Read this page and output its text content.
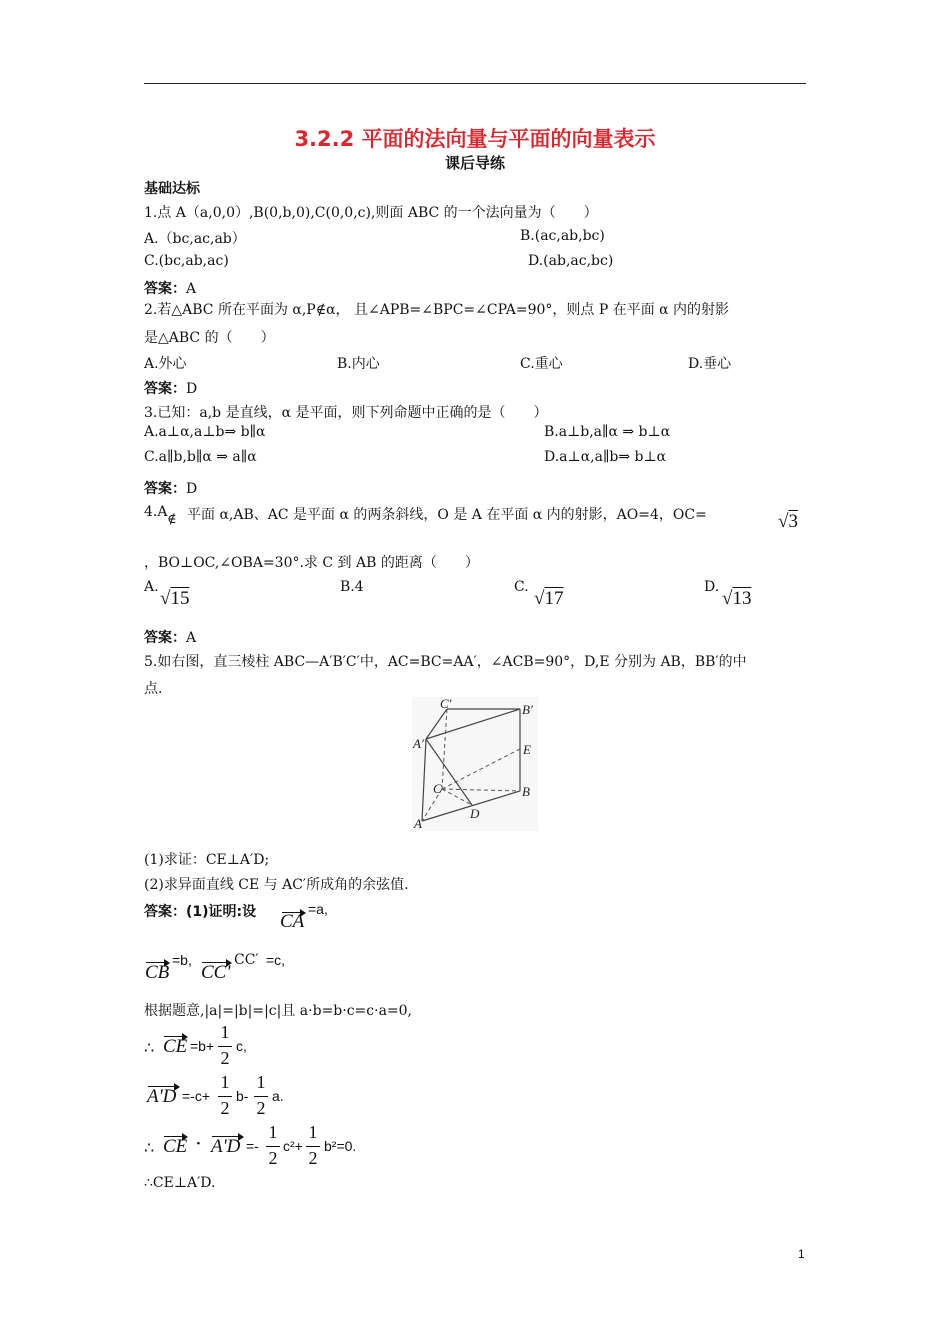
3.2.2 平面的法向量与平面的向量表示
课后导练
基础达标
1.点 A（a,0,0）,B(0,b,0),C(0,0,c),则面 ABC 的一个法向量为（　　）
A.（bc,ac,ab）	B.(ac,ab,bc)
C.(bc,ab,ac)	D.(ab,ac,bc)
答案：A
2.若△ABC 所在平面为 α,P∉α， 且∠APB=∠BPC=∠CPA=90°，则点 P 在平面 α 内的射影
是△ABC 的（　　）
A.外心	B.内心	C.重心	D.垂心
答案：D
3.已知：a,b 是直线，α 是平面，则下列命题中正确的是（　　）
A.a⊥α,a⊥b⇒ b∥α	B.a⊥b,a∥α ⇒ b⊥α
C.a∥b,b∥α ⇒ a∥α	D.a⊥α,a∥b⇒ b⊥α
答案：D
4.A ∉ 平面 α,AB、AC 是平面 α 的两条斜线，O 是 A 在平面 α 内的射影，AO=4，OC=	√3
，BO⊥OC,∠OBA=30°.求 C 到 AB 的距离（　　）
A.
√15
B.4	C.
√17
D.
√13
答案：A
5.如右图，直三棱柱 ABC—A′B′C′中，AC=BC=AA′，∠ACB=90°，D,E 分别为 AB，BB′的中
点.
C′	B′
A′	E
C	B
A
D
(1)求证：CE⊥A′D;
(2)求异面直线 CE 与 AC′所成角的余弦值.
答案：(1)证明:设 CA
=a,
CB
=b,
CC'
CC′ =c,
根据题意,|a|=|b|=|c|且 a·b=b·c=c·a=0,
∴ CE =b+
1
2
c,
A'D =-c+
1
2
b-
1
2
a.
∴ CE · A'D =-
1
2
c²+
1
2
b²=0.
∴CE⊥A′D.
1
